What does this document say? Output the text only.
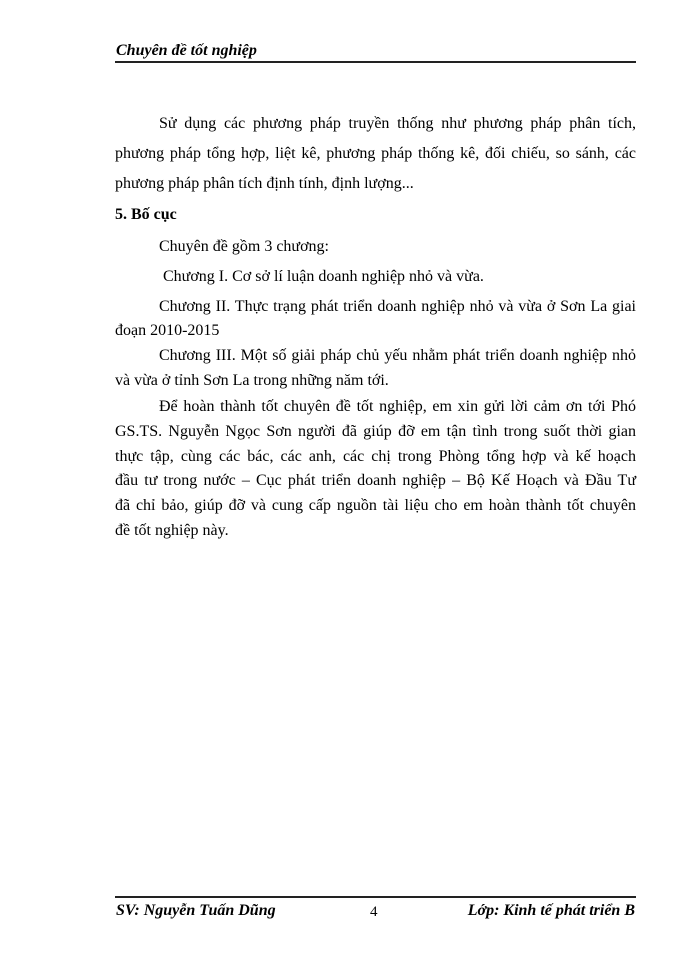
Chuyên đề tốt nghiệp
Sử dụng các phương pháp truyền thống như phương pháp phân tích,
phương pháp tổng hợp, liệt kê, phương pháp thống kê, đối chiếu, so sánh, các
phương pháp phân tích định tính, định lượng...
5. Bố cục
Chuyên đề gồm 3 chương:
Chương I. Cơ sở lí luận doanh nghiệp nhỏ và vừa.
Chương II. Thực trạng phát triển doanh nghiệp nhỏ và vừa ở Sơn La giai
đoạn 2010-2015
Chương III. Một số giải pháp chủ yếu nhằm phát triển doanh nghiệp nhỏ
và vừa ở tỉnh Sơn La trong những năm tới.
Để hoàn thành tốt chuyên đề tốt nghiệp, em xin gửi lời cảm ơn tới Phó
GS.TS. Nguyễn Ngọc Sơn người đã giúp đỡ em tận tình trong suốt thời gian
thực tập, cùng các bác, các anh, các chị trong Phòng tổng hợp và kế hoạch
đầu tư trong nước – Cục phát triển doanh nghiệp – Bộ Kế Hoạch và Đầu Tư
đã chỉ bảo, giúp đỡ và cung cấp nguồn tài liệu cho em hoàn thành tốt chuyên
đề tốt nghiệp này.
SV: Nguyễn Tuấn Dũng	4	Lớp: Kinh tế phát triển B
